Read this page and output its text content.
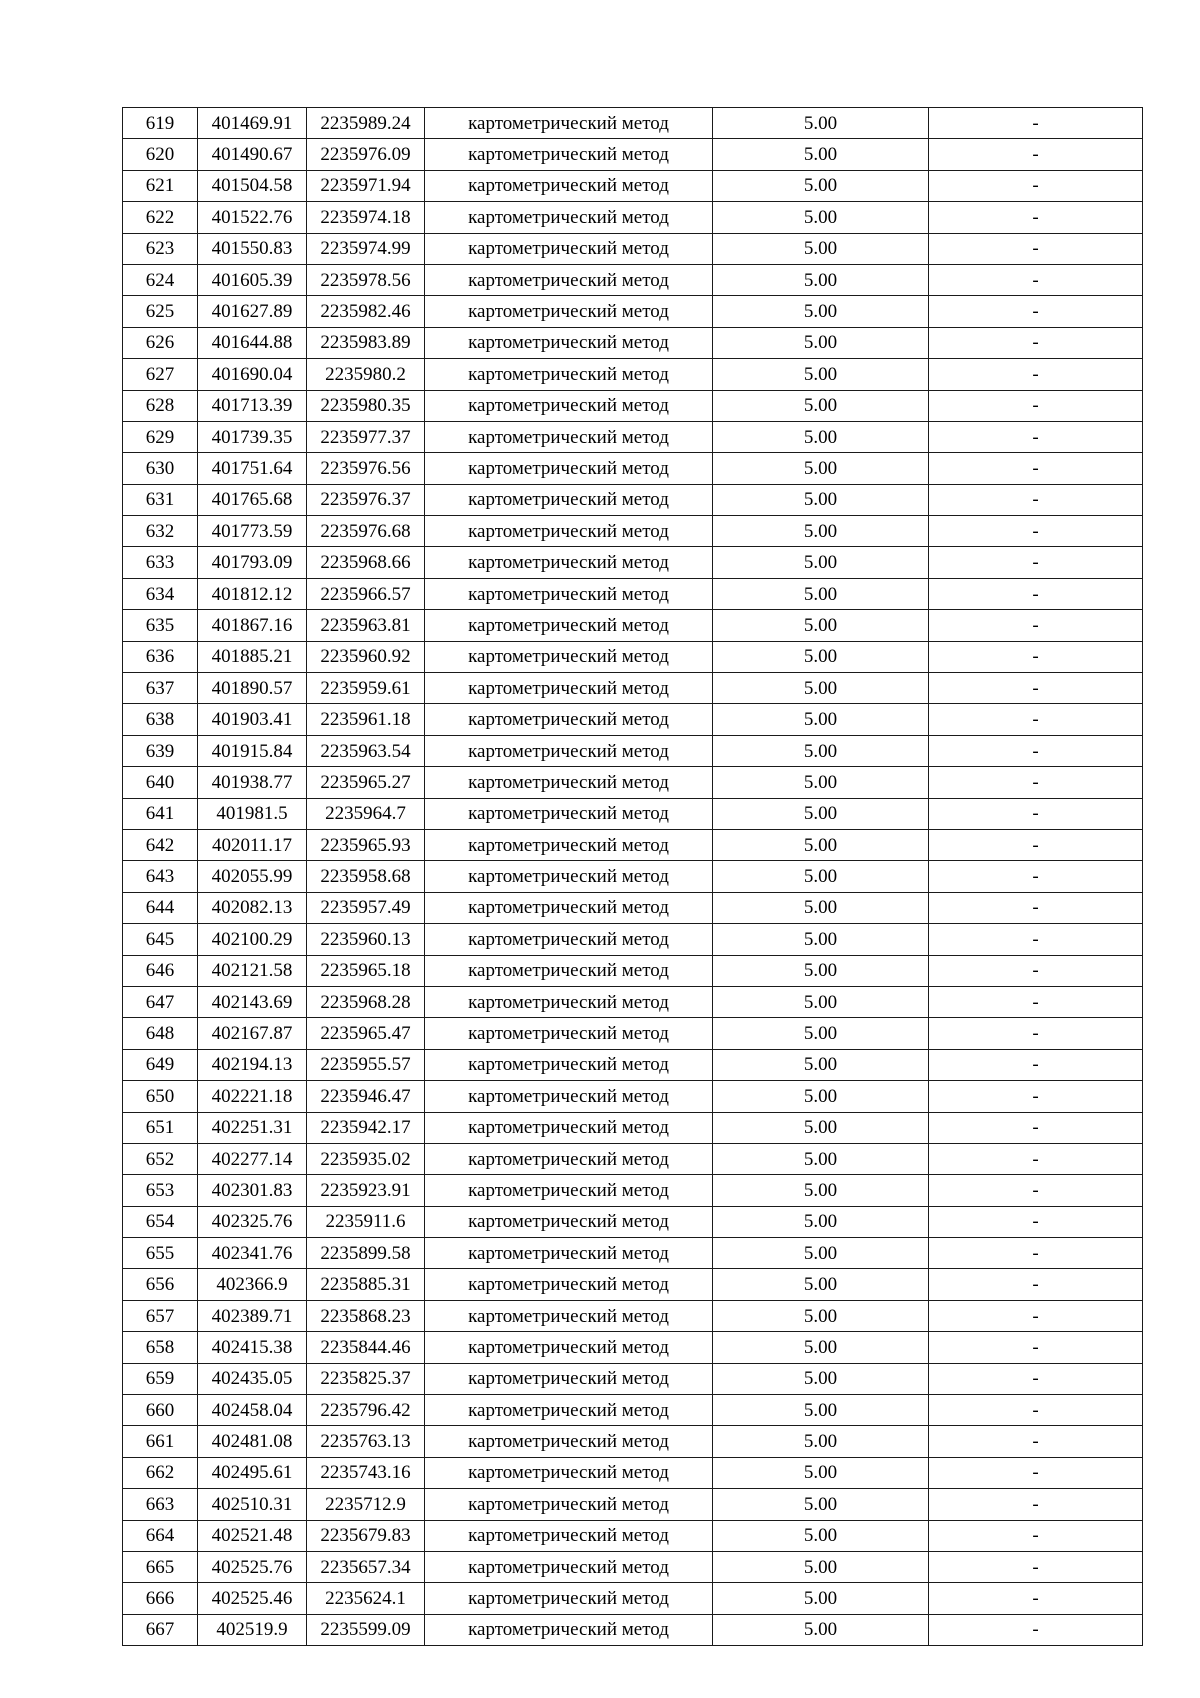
619	401469.91	2235989.24	картометрический метод	5.00	-
620	401490.67	2235976.09	картометрический метод	5.00	-
621	401504.58	2235971.94	картометрический метод	5.00	-
622	401522.76	2235974.18	картометрический метод	5.00	-
623	401550.83	2235974.99	картометрический метод	5.00	-
624	401605.39	2235978.56	картометрический метод	5.00	-
625	401627.89	2235982.46	картометрический метод	5.00	-
626	401644.88	2235983.89	картометрический метод	5.00	-
627	401690.04	2235980.2	картометрический метод	5.00	-
628	401713.39	2235980.35	картометрический метод	5.00	-
629	401739.35	2235977.37	картометрический метод	5.00	-
630	401751.64	2235976.56	картометрический метод	5.00	-
631	401765.68	2235976.37	картометрический метод	5.00	-
632	401773.59	2235976.68	картометрический метод	5.00	-
633	401793.09	2235968.66	картометрический метод	5.00	-
634	401812.12	2235966.57	картометрический метод	5.00	-
635	401867.16	2235963.81	картометрический метод	5.00	-
636	401885.21	2235960.92	картометрический метод	5.00	-
637	401890.57	2235959.61	картометрический метод	5.00	-
638	401903.41	2235961.18	картометрический метод	5.00	-
639	401915.84	2235963.54	картометрический метод	5.00	-
640	401938.77	2235965.27	картометрический метод	5.00	-
641	401981.5	2235964.7	картометрический метод	5.00	-
642	402011.17	2235965.93	картометрический метод	5.00	-
643	402055.99	2235958.68	картометрический метод	5.00	-
644	402082.13	2235957.49	картометрический метод	5.00	-
645	402100.29	2235960.13	картометрический метод	5.00	-
646	402121.58	2235965.18	картометрический метод	5.00	-
647	402143.69	2235968.28	картометрический метод	5.00	-
648	402167.87	2235965.47	картометрический метод	5.00	-
649	402194.13	2235955.57	картометрический метод	5.00	-
650	402221.18	2235946.47	картометрический метод	5.00	-
651	402251.31	2235942.17	картометрический метод	5.00	-
652	402277.14	2235935.02	картометрический метод	5.00	-
653	402301.83	2235923.91	картометрический метод	5.00	-
654	402325.76	2235911.6	картометрический метод	5.00	-
655	402341.76	2235899.58	картометрический метод	5.00	-
656	402366.9	2235885.31	картометрический метод	5.00	-
657	402389.71	2235868.23	картометрический метод	5.00	-
658	402415.38	2235844.46	картометрический метод	5.00	-
659	402435.05	2235825.37	картометрический метод	5.00	-
660	402458.04	2235796.42	картометрический метод	5.00	-
661	402481.08	2235763.13	картометрический метод	5.00	-
662	402495.61	2235743.16	картометрический метод	5.00	-
663	402510.31	2235712.9	картометрический метод	5.00	-
664	402521.48	2235679.83	картометрический метод	5.00	-
665	402525.76	2235657.34	картометрический метод	5.00	-
666	402525.46	2235624.1	картометрический метод	5.00	-
667	402519.9	2235599.09	картометрический метод	5.00	-
